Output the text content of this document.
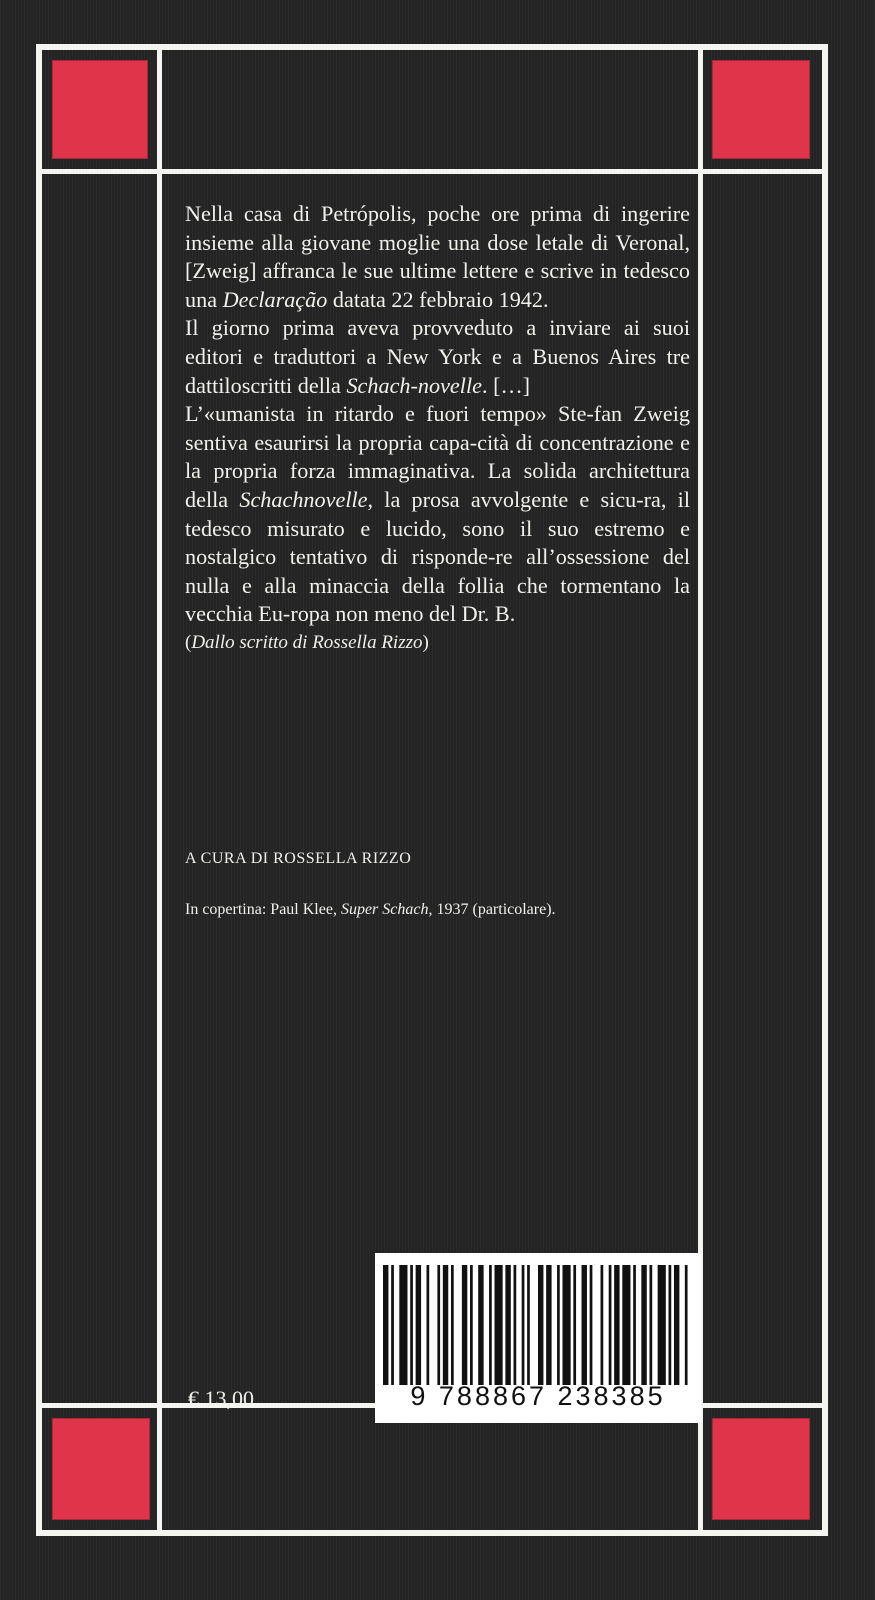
Nella casa di Petrópolis, poche ore prima di ingerire insieme alla giovane moglie una dose letale di Veronal, [Zweig] affranca le sue ultime lettere e scrive in tedesco una Declaração datata 22 febbraio 1942.

Il giorno prima aveva provveduto a inviare ai suoi editori e traduttori a New York e a Buenos Aires tre dattiloscritti della Schach-novelle. […]

L’«umanista in ritardo e fuori tempo» Ste-fan Zweig sentiva esaurirsi la propria capa-cità di concentrazione e la propria forza immaginativa. La solida architettura della Schachnovelle, la prosa avvolgente e sicu-ra, il tedesco misurato e lucido, sono il suo estremo e nostalgico tentativo di risponde-re all’ossessione del nulla e alla minaccia della follia che tormentano la vecchia Eu-ropa non meno del Dr. B.

(Dallo scritto di Rossella Rizzo)

A CURA DI ROSSELLA RIZZO
In copertina: Paul Klee, Super Schach, 1937 (particolare).
€ 13,00	9 788867 238385
